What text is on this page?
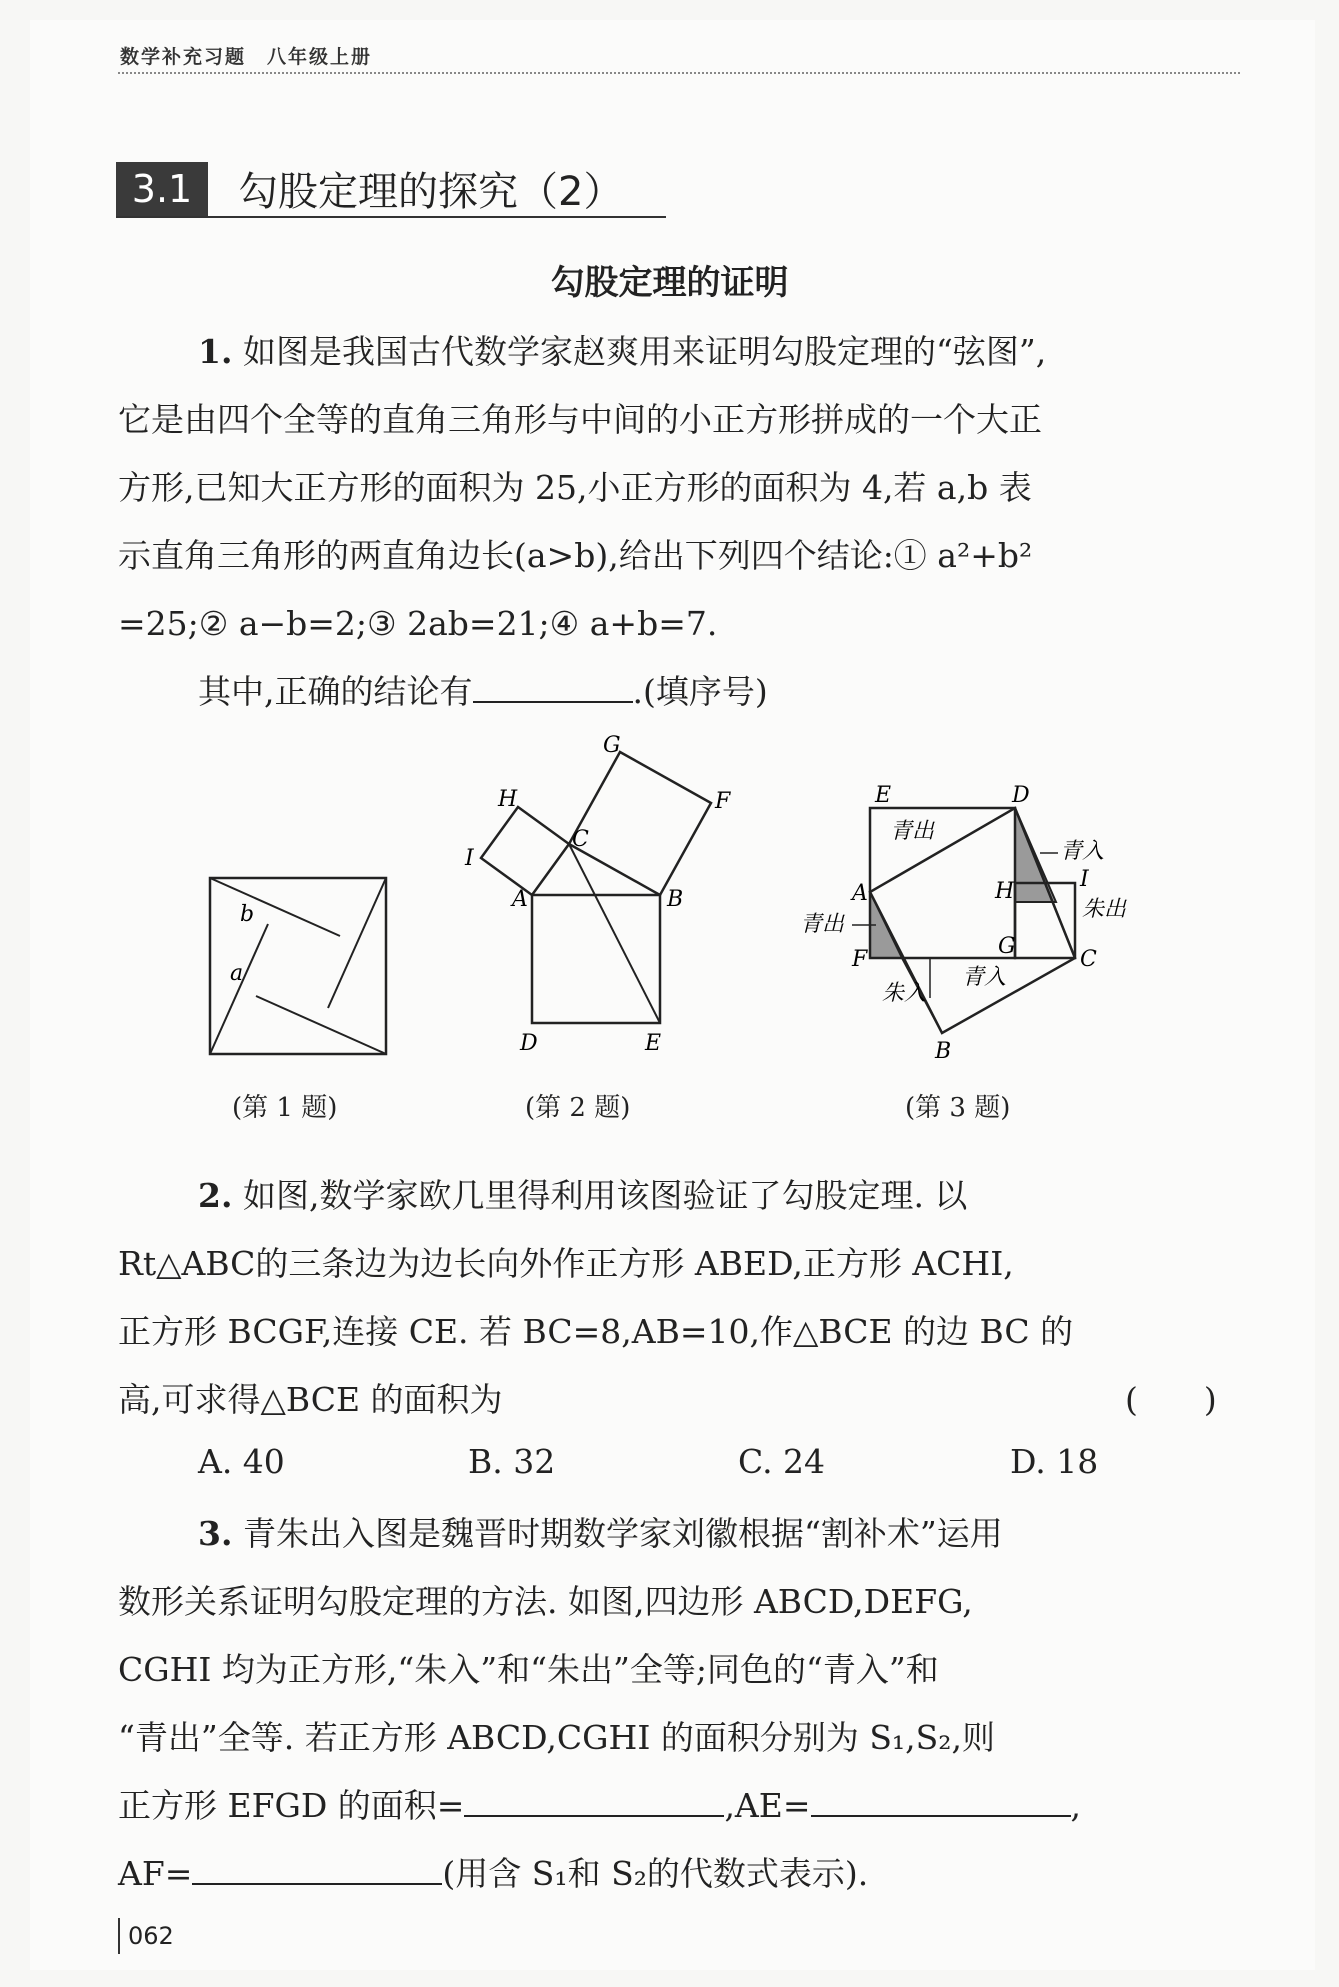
数学补充习题　八年级上册
3.1	勾股定理的探究（2）
勾股定理的证明
1. 如图是我国古代数学家赵爽用来证明勾股定理的“弦图”,
它是由四个全等的直角三角形与中间的小正方形拼成的一个大正
方形,已知大正方形的面积为 25,小正方形的面积为 4,若 a,b 表
示直角三角形的两直角边长(a>b),给出下列四个结论:① a²+b²
=25;② a−b=2;③ 2ab=21;④ a+b=7.
其中,正确的结论有	.(填序号)
b
a
(第 1 题)
G
F
H
C
I
A	B
D	E
(第 2 题)
E	D
A	H	I
F
G
C
B
青出
青入
朱出
青出
朱入
青入
(第 3 题)
2. 如图,数学家欧几里得利用该图验证了勾股定理. 以
Rt△ABC的三条边为边长向外作正方形 ABED,正方形 ACHI,
正方形 BCGF,连接 CE. 若 BC=8,AB=10,作△BCE 的边 BC 的
高,可求得△BCE 的面积为	(　　)
A. 40	B. 32	C. 24	D. 18
3. 青朱出入图是魏晋时期数学家刘徽根据“割补术”运用
数形关系证明勾股定理的方法. 如图,四边形 ABCD,DEFG,
CGHI 均为正方形,“朱入”和“朱出”全等;同色的“青入”和
“青出”全等. 若正方形 ABCD,CGHI 的面积分别为 S₁,S₂,则
正方形 EFGD 的面积=	,AE=	,
AF=	(用含 S₁和 S₂的代数式表示).
062
